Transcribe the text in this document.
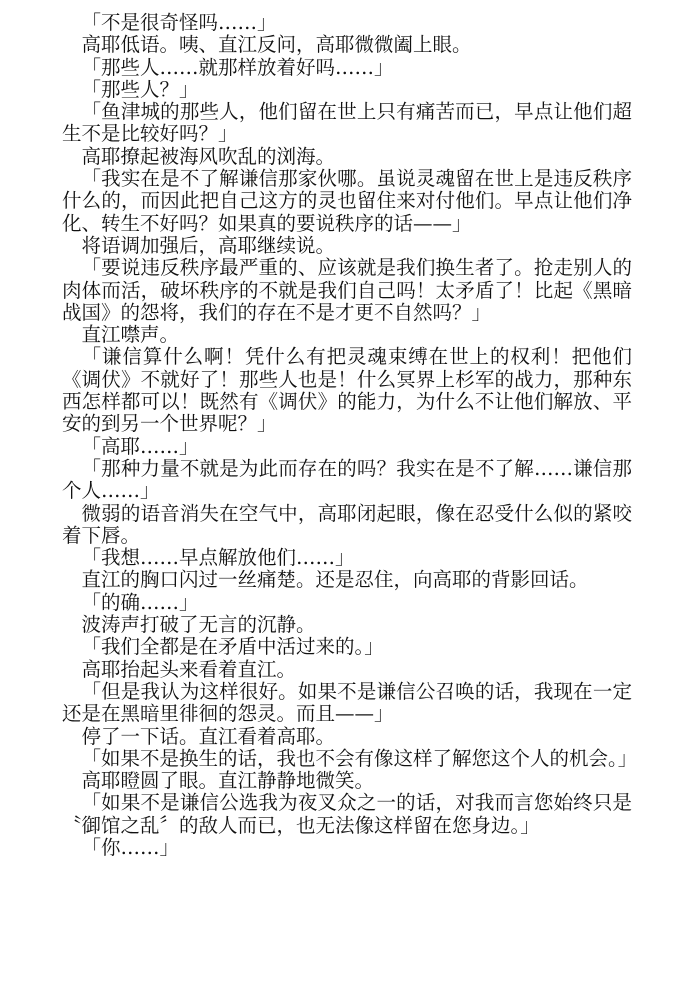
「不是很奇怪吗……」

高耶低语。咦、直江反问，高耶微微阖上眼。

「那些人……就那样放着好吗……」

「那些人？」

「鱼津城的那些人，他们留在世上只有痛苦而已，早点让他们超生不是比较好吗？」

高耶撩起被海风吹乱的浏海。

「我实在是不了解谦信那家伙哪。虽说灵魂留在世上是违反秩序什么的，而因此把自己这方的灵也留住来对付他们。早点让他们净化、转生不好吗？如果真的要说秩序的话——」

将语调加强后，高耶继续说。

「要说违反秩序最严重的、应该就是我们换生者了。抢走别人的肉体而活，破坏秩序的不就是我们自己吗！太矛盾了！比起《黑暗战国》的怨将，我们的存在不是才更不自然吗？」

直江噤声。

「谦信算什么啊！凭什么有把灵魂束缚在世上的权利！把他们《调伏》不就好了！那些人也是！什么冥界上杉军的战力，那种东西怎样都可以！既然有《调伏》的能力，为什么不让他们解放、平安的到另一个世界呢？」

「高耶……」

「那种力量不就是为此而存在的吗？我实在是不了解……谦信那个人……」

微弱的语音消失在空气中，高耶闭起眼，像在忍受什么似的紧咬着下唇。

「我想……早点解放他们……」

直江的胸口闪过一丝痛楚。还是忍住，向高耶的背影回话。

「的确……」

波涛声打破了无言的沉静。

「我们全都是在矛盾中活过来的。」

高耶抬起头来看着直江。

「但是我认为这样很好。如果不是谦信公召唤的话，我现在一定还是在黑暗里徘徊的怨灵。而且——」

停了一下话。直江看着高耶。

「如果不是换生的话，我也不会有像这样了解您这个人的机会。」

高耶瞪圆了眼。直江静静地微笑。

「如果不是谦信公选我为夜叉众之一的话，对我而言您始终只是〝御馆之乱〞的敌人而已，也无法像这样留在您身边。」

「你……」
